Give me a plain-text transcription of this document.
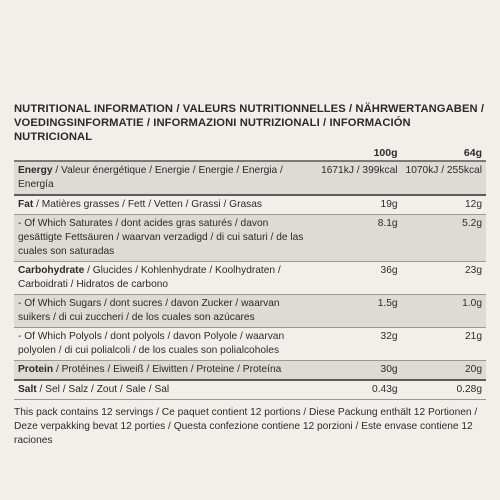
NUTRITIONAL INFORMATION / VALEURS NUTRITIONNELLES / NÄHRWERTANGABEN /
VOEDINGSINFORMATIE / INFORMAZIONI NUTRIZIONALI / INFORMACIÓN NUTRICIONAL

	100g	64g
Energy / Valeur énergétique / Energie / Energie / Energia / Energía	1671kJ / 399kcal	1070kJ / 255kcal
Fat / Matières grasses / Fett / Vetten / Grassi / Grasas	19g	12g
- Of Which Saturates / dont acides gras saturés / davon gesättigte Fettsäuren / waarvan verzadigd / di cui saturi / de las cuales son saturadas	8.1g	5.2g
Carbohydrate / Glucides / Kohlenhydrate / Koolhydraten / Carboidrati / Hidratos de carbono	36g	23g
- Of Which Sugars / dont sucres / davon Zucker / waarvan suikers / di cui zuccheri / de los cuales son azúcares	1.5g	1.0g
- Of Which Polyols / dont polyols / davon Polyole / waarvan polyolen / di cui polialcoli / de los cuales son polialcoholes	32g	21g
Protein / Protéines / Eiweiß / Eiwitten / Proteine / Proteína	30g	20g
Salt / Sel / Salz / Zout / Sale / Sal	0.43g	0.28g
This pack contains 12 servings / Ce paquet contient 12 portions / Diese Packung enthält 12 Portionen /
Deze verpakking bevat 12 porties / Questa confezione contiene 12 porzioni / Este envase contiene 12 raciones
